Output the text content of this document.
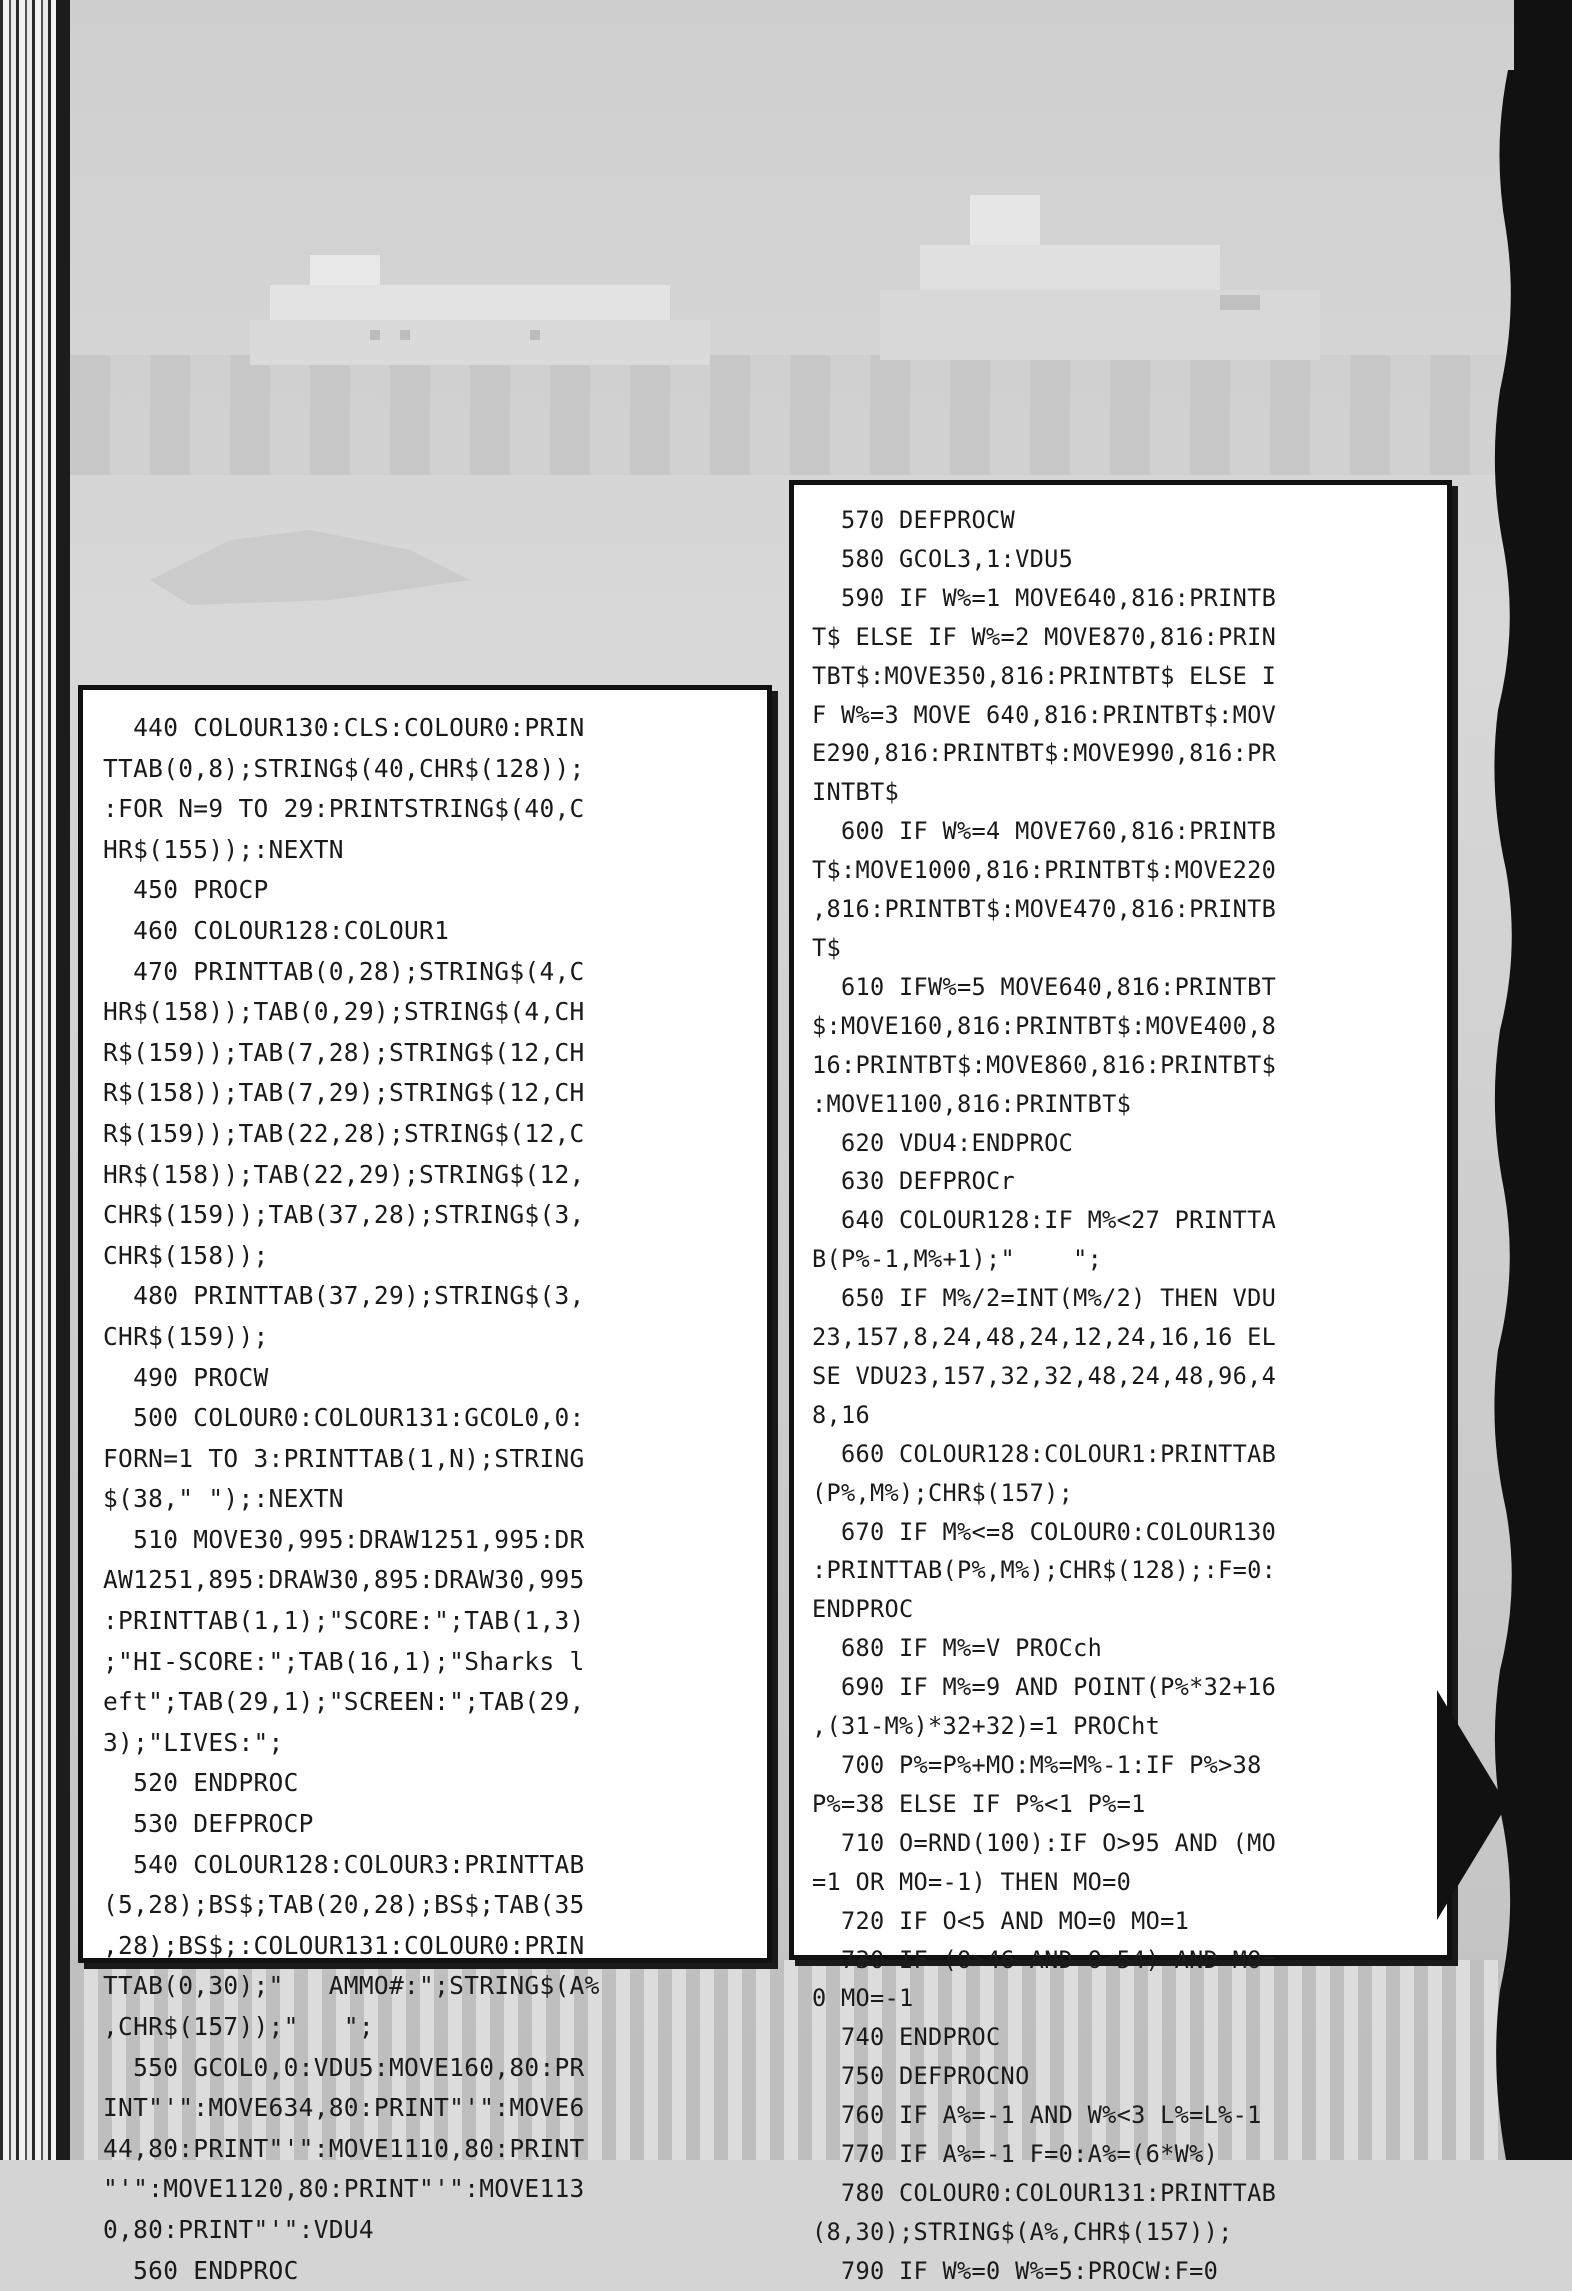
440 COLOUR130:CLS:COLOUR0:PRIN
TTAB(0,8);STRING$(40,CHR$(128));
:FOR N=9 TO 29:PRINTSTRING$(40,C
HR$(155));:NEXTN
450 PROCP
460 COLOUR128:COLOUR1
470 PRINTTAB(0,28);STRING$(4,C
HR$(158));TAB(0,29);STRING$(4,CH
R$(159));TAB(7,28);STRING$(12,CH
R$(158));TAB(7,29);STRING$(12,CH
R$(159));TAB(22,28);STRING$(12,C
HR$(158));TAB(22,29);STRING$(12,
CHR$(159));TAB(37,28);STRING$(3,
CHR$(158));
480 PRINTTAB(37,29);STRING$(3,
CHR$(159));
490 PROCW
500 COLOUR0:COLOUR131:GCOL0,0:
FORN=1 TO 3:PRINTTAB(1,N);STRING
$(38," ");:NEXTN
510 MOVE30,995:DRAW1251,995:DR
AW1251,895:DRAW30,895:DRAW30,995
:PRINTTAB(1,1);"SCORE:";TAB(1,3)
;"HI-SCORE:";TAB(16,1);"Sharks l
eft";TAB(29,1);"SCREEN:";TAB(29,
3);"LIVES:";
520 ENDPROC
530 DEFPROCP
540 COLOUR128:COLOUR3:PRINTTAB
(5,28);BS$;TAB(20,28);BS$;TAB(35
,28);BS$;:COLOUR131:COLOUR0:PRIN
TTAB(0,30);"   AMMO#:";STRING$(A%
,CHR$(157));"   ";
550 GCOL0,0:VDU5:MOVE160,80:PR
INT"'":MOVE634,80:PRINT"'":MOVE6
44,80:PRINT"'":MOVE1110,80:PRINT
"'":MOVE1120,80:PRINT"'":MOVE113
0,80:PRINT"'":VDU4
560 ENDPROC
570 DEFPROCW
580 GCOL3,1:VDU5
590 IF W%=1 MOVE640,816:PRINTB
T$ ELSE IF W%=2 MOVE870,816:PRIN
TBT$:MOVE350,816:PRINTBT$ ELSE I
F W%=3 MOVE 640,816:PRINTBT$:MOV
E290,816:PRINTBT$:MOVE990,816:PR
INTBT$
600 IF W%=4 MOVE760,816:PRINTB
T$:MOVE1000,816:PRINTBT$:MOVE220
,816:PRINTBT$:MOVE470,816:PRINTB
T$
610 IFW%=5 MOVE640,816:PRINTBT
$:MOVE160,816:PRINTBT$:MOVE400,8
16:PRINTBT$:MOVE860,816:PRINTBT$
:MOVE1100,816:PRINTBT$
620 VDU4:ENDPROC
630 DEFPROCr
640 COLOUR128:IF M%<27 PRINTTA
B(P%-1,M%+1);"    ";
650 IF M%/2=INT(M%/2) THEN VDU
23,157,8,24,48,24,12,24,16,16 EL
SE VDU23,157,32,32,48,24,48,96,4
8,16
660 COLOUR128:COLOUR1:PRINTTAB
(P%,M%);CHR$(157);
670 IF M%<=8 COLOUR0:COLOUR130
:PRINTTAB(P%,M%);CHR$(128);:F=0:
ENDPROC
680 IF M%=V PROCch
690 IF M%=9 AND POINT(P%*32+16
,(31-M%)*32+32)=1 PROCht
700 P%=P%+MO:M%=M%-1:IF P%>38
P%=38 ELSE IF P%<1 P%=1
710 O=RND(100):IF O>95 AND (MO
=1 OR MO=-1) THEN MO=0
720 IF O<5 AND MO=0 MO=1
730 IF (O>46 AND O<54) AND MO=
0 MO=-1
740 ENDPROC
750 DEFPROCNO
760 IF A%=-1 AND W%<3 L%=L%-1
770 IF A%=-1 F=0:A%=(6*W%)
780 COLOUR0:COLOUR131:PRINTTAB
(8,30);STRING$(A%,CHR$(157));
790 IF W%=0 W%=5:PROCW:F=0
